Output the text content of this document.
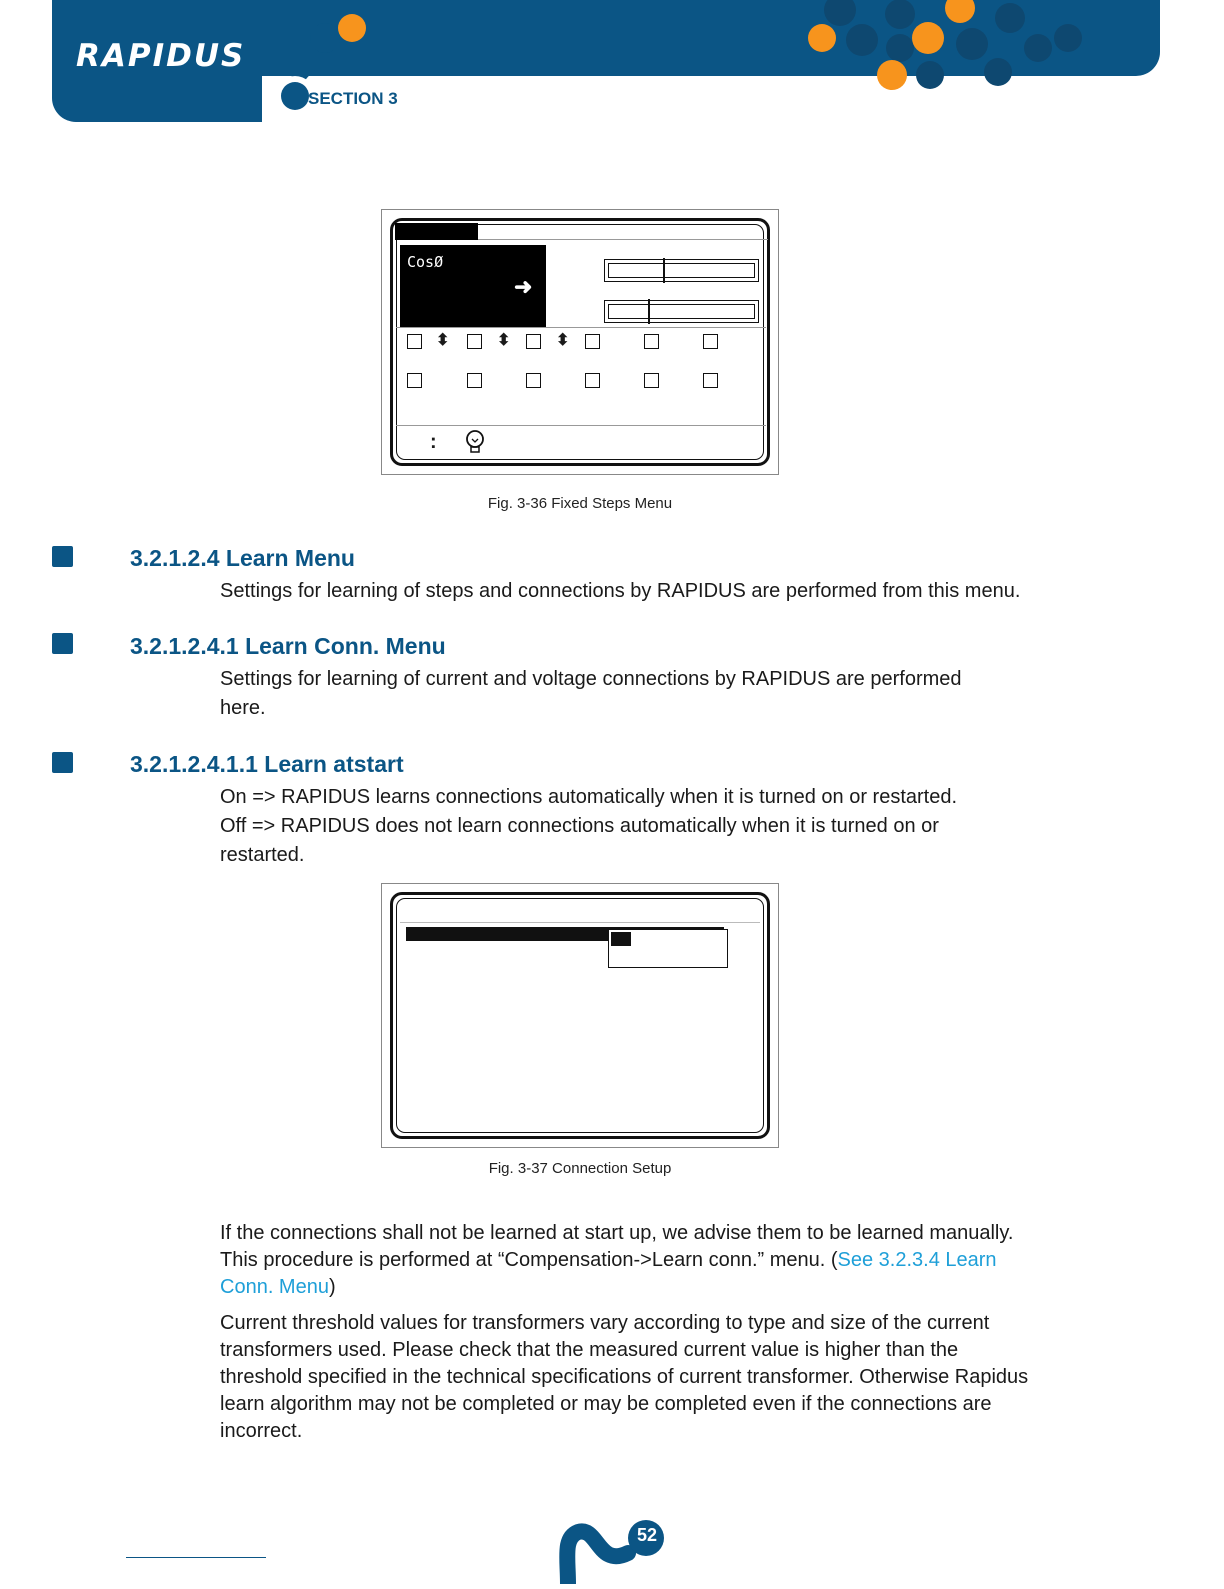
RAPIDUS
SECTION 3
CosØ
➜
⬍	⬍	⬍
:
Fig. 3-36 Fixed Steps Menu
3.2.1.2.4 Learn Menu

Settings for learning of steps and connections by RAPIDUS are performed from this menu.

3.2.1.2.4.1 Learn Conn. Menu

Settings for learning of current and voltage connections by RAPIDUS are performed here.

3.2.1.2.4.1.1 Learn atstart

On => RAPIDUS learns connections automatically when it is turned on or restarted.

Off => RAPIDUS does not learn connections automatically when it is turned on or restarted.

Fig. 3-37 Connection Setup

If the connections shall not be learned at start up, we advise them to be learned manually. This procedure is performed at “Compensation->Learn conn.” menu. (See 3.2.3.4 Learn Conn. Menu)

Current threshold values for transformers vary according to type and size of the current transformers used. Please check that the measured current value is higher than the threshold specified in the technical specifications of current transformer. Otherwise Rapidus learn algorithm may not be completed or may be completed even if the connections are incorrect.

52
